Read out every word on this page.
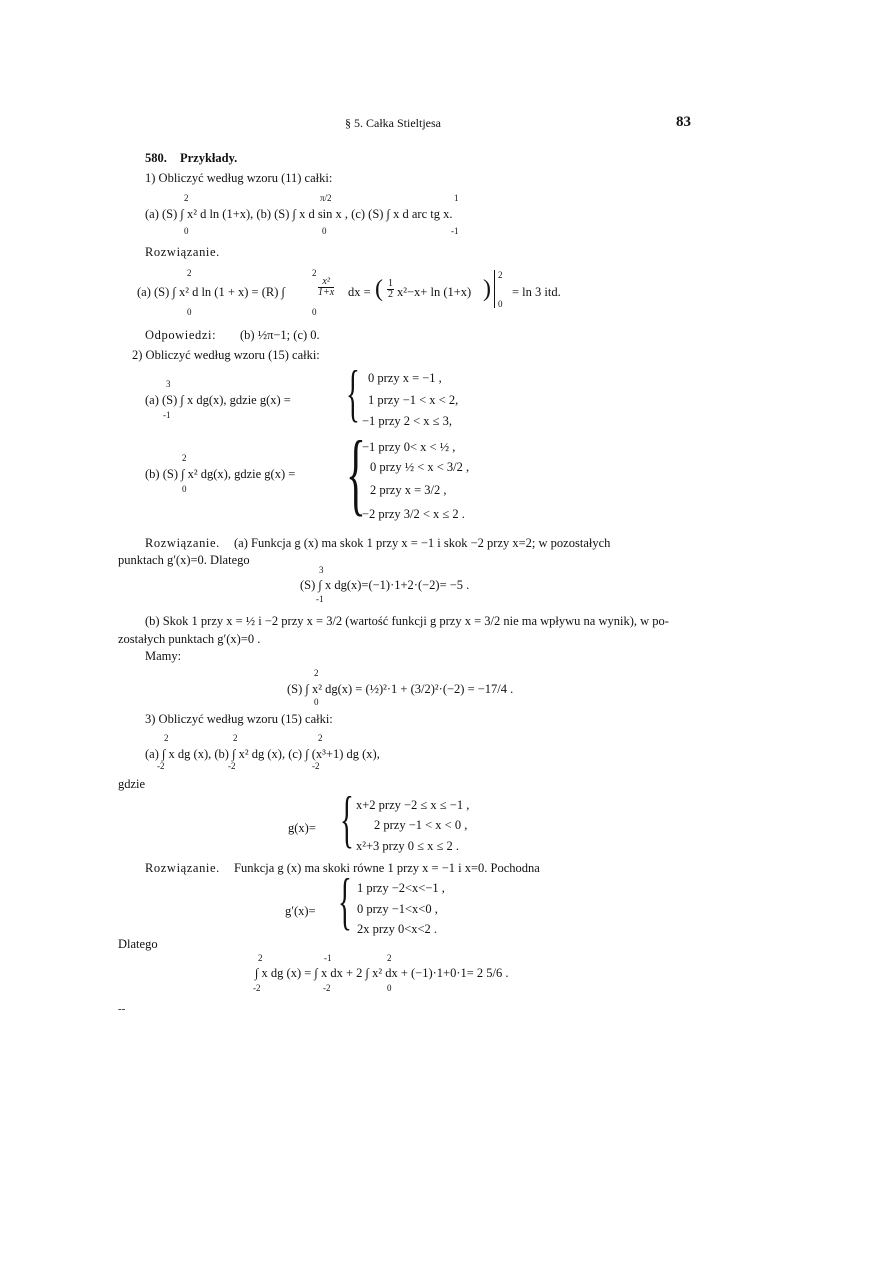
§ 5. Całka Stieltjesa	83
580. Przykłady.
1) Obliczyć według wzoru (11) całki:
2
0
π/2
0
1
-1
(a) (S) ∫ x² d ln (1+x), (b) (S) ∫ x d sin x , (c) (S) ∫ x d arc tg x.
Rozwiązanie.
2
0
2
0
(a) (S) ∫ x² d ln (1 + x) = (R) ∫	$\frac{\text{x²}}{1+x}$ dx = ( $\frac{1}{2} x^2-x+ \ln (1+x)$ )
2
0
= ln 3 itd.
Odpowiedzi: (b) ½π−1; (c) 0.
2) Obliczyć według wzoru (15) całki:
3
-1
(a) (S) ∫ x dg(x), gdzie g(x) = { 0 przy x = −1 ,
1 przy −1 < x < 2,
−1 przy 2 < x ≤ 3,
2
0
(b) (S) ∫ x² dg(x), gdzie g(x) = {
−1 przy 0< x < ½ ,
0 przy ½ < x < 3/2 ,
2 przy x = 3/2 ,
−2 przy 3/2 < x ≤ 2 .
Rozwiązanie. (a) Funkcja g (x) ma skok 1 przy x = −1 i skok −2 przy x=2; w pozostałych
punktach g′(x)=0. Dlatego
3
-1
(S) ∫ x dg(x)=(−1)·1+2·(−2)= −5 .
(b) Skok 1 przy x = ½ i −2 przy x = 3/2 (wartość funkcji g przy x = 3/2 nie ma wpływu na wynik), w po-
zostałych punktach g′(x)=0 .
Mamy:
2
0
(S) ∫ x² dg(x) = (½)²·1 + (3/2)²·(−2) = −17/4 .
3) Obliczyć według wzoru (15) całki:
2
-2
2
-2
2
-2
(a) ∫ x dg (x), (b) ∫ x² dg (x), (c) ∫ (x³+1) dg (x),
gdzie
g(x)= { x+2 przy −2 ≤ x ≤ −1 ,
2 przy −1 < x < 0 ,
x²+3 przy 0 ≤ x ≤ 2 .
Rozwiązanie. Funkcja g (x) ma skoki równe 1 przy x = −1 i x=0. Pochodna
g′(x)= { 1 przy −2<x<−1 ,
0 przy −1<x<0 ,
2x przy 0<x<2 .
Dlatego
2
-2
-1
-2
2
0
∫ x dg (x) = ∫ x dx + 2 ∫ x² dx + (−1)·1+0·1= 2 5/6 .
--
